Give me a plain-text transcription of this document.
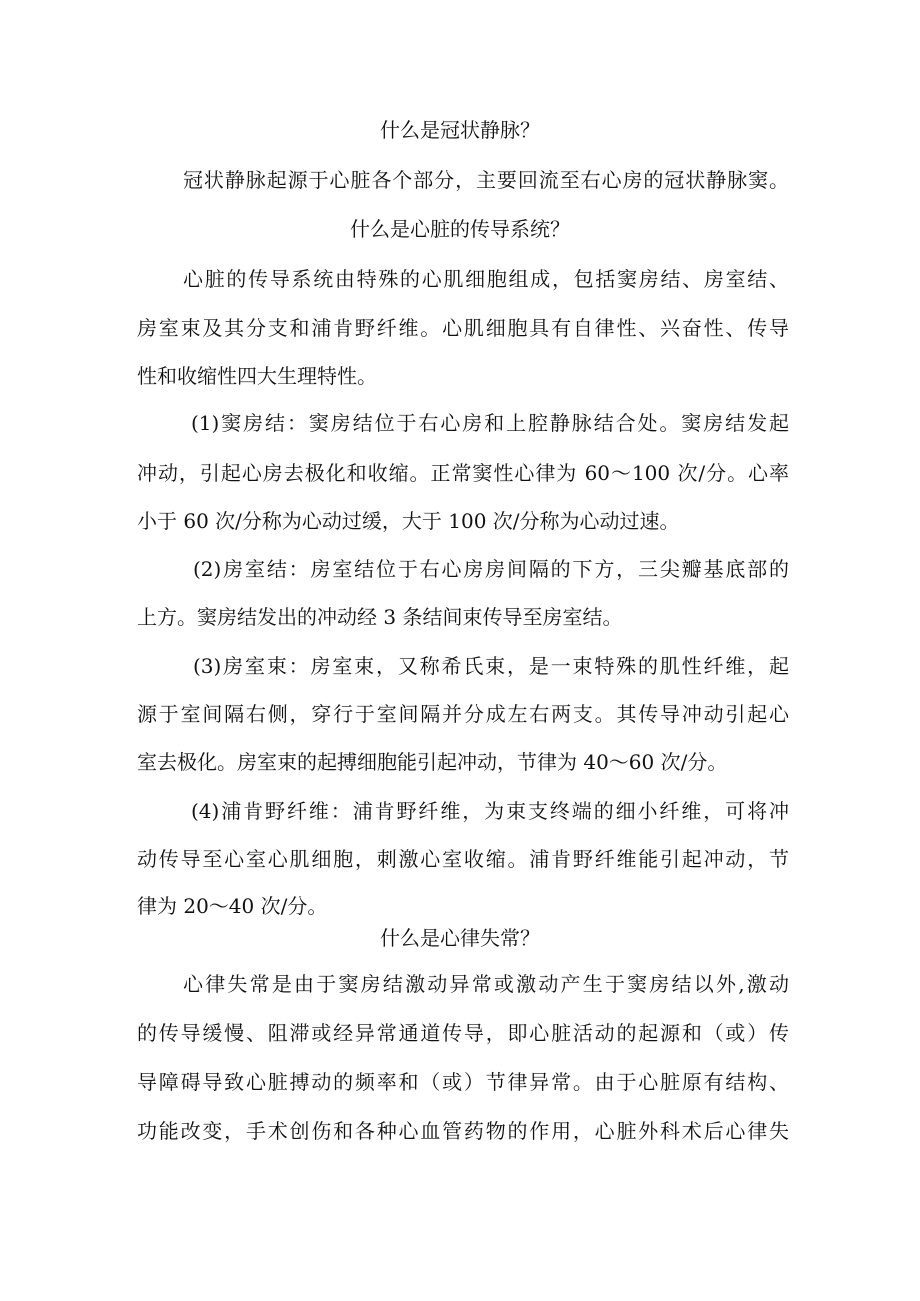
什么是冠状静脉？
冠状静脉起源于心脏各个部分，主要回流至右心房的冠状静脉窦。
什么是心脏的传导系统？
心脏的传导系统由特殊的心肌细胞组成，包括窦房结、房室结、
房室束及其分支和浦肯野纤维。心肌细胞具有自律性、兴奋性、传导
性和收缩性四大生理特性。
(1)窦房结：窦房结位于右心房和上腔静脉结合处。窦房结发起
冲动，引起心房去极化和收缩。正常窦性心律为 60～100 次/分。心率
小于 60 次/分称为心动过缓，大于 100 次/分称为心动过速。
(2)房室结：房室结位于右心房房间隔的下方，三尖瓣基底部的
上方。窦房结发出的冲动经 3 条结间束传导至房室结。
(3)房室束：房室束，又称希氏束，是一束特殊的肌性纤维，起
源于室间隔右侧，穿行于室间隔并分成左右两支。其传导冲动引起心
室去极化。房室束的起搏细胞能引起冲动，节律为 40～60 次/分。
(4)浦肯野纤维：浦肯野纤维，为束支终端的细小纤维，可将冲
动传导至心室心肌细胞，刺激心室收缩。浦肯野纤维能引起冲动，节
律为 20～40 次/分。
什么是心律失常？
心律失常是由于窦房结激动异常或激动产生于窦房结以外,激动
的传导缓慢、阻滞或经异常通道传导，即心脏活动的起源和（或）传
导障碍导致心脏搏动的频率和（或）节律异常。由于心脏原有结构、
功能改变，手术创伤和各种心血管药物的作用，心脏外科术后心律失
